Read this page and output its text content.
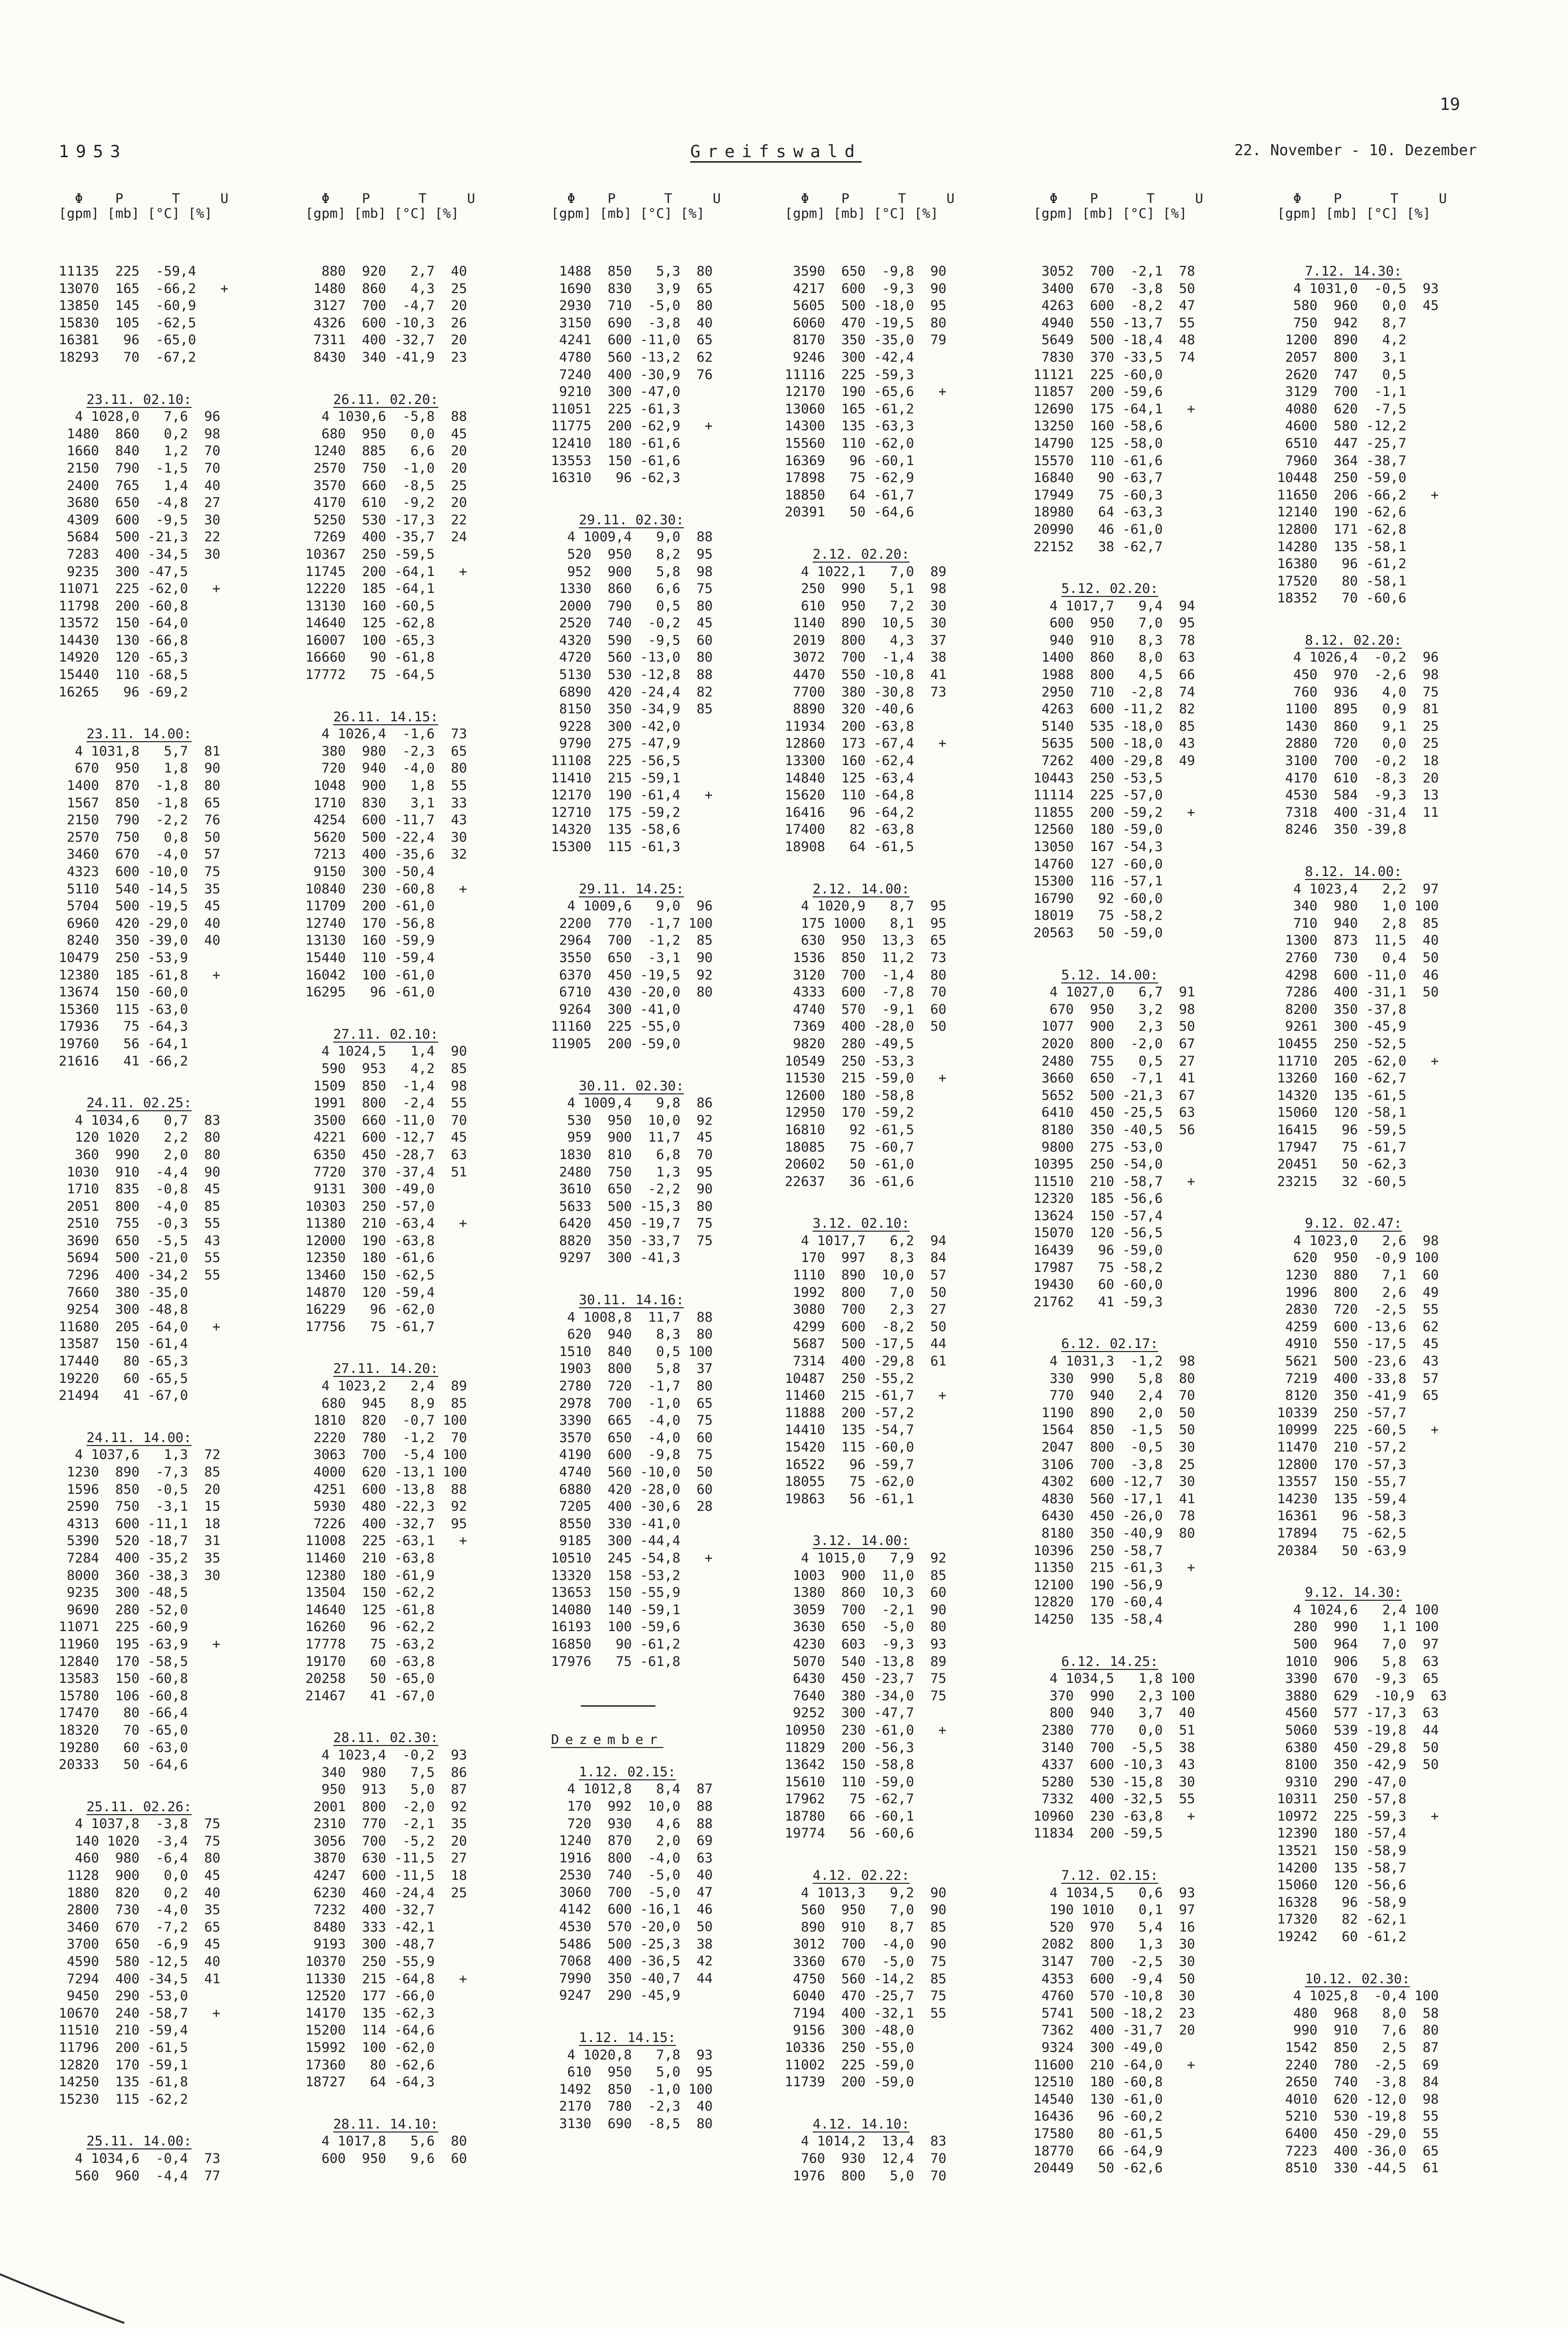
19
1953	Greifswald	22. November - 10. Dezember
Φ    P      T     U
[gpm] [mb] [°C] [%]
11135  225  -59,4
13070  165  -66,2   +
13850  145  -60,9
15830  105  -62,5
16381   96  -65,0
18293   70  -67,2
23.11. 02.10:
4 1028,0   7,6  96
1480  860   0,2  98
1660  840   1,2  70
2150  790  -1,5  70
2400  765   1,4  40
3680  650  -4,8  27
4309  600  -9,5  30
5684  500 -21,3  22
7283  400 -34,5  30
9235  300 -47,5
11071  225 -62,0   +
11798  200 -60,8
13572  150 -64,0
14430  130 -66,8
14920  120 -65,3
15440  110 -68,5
16265   96 -69,2
23.11. 14.00:
4 1031,8   5,7  81
670  950   1,8  90
1400  870  -1,8  80
1567  850  -1,8  65
2150  790  -2,2  76
2570  750   0,8  50
3460  670  -4,0  57
4323  600 -10,0  75
5110  540 -14,5  35
5704  500 -19,5  45
6960  420 -29,0  40
8240  350 -39,0  40
10479  250 -53,9
12380  185 -61,8   +
13674  150 -60,0
15360  115 -63,0
17936   75 -64,3
19760   56 -64,1
21616   41 -66,2
24.11. 02.25:
4 1034,6   0,7  83
120 1020   2,2  80
360  990   2,0  80
1030  910  -4,4  90
1710  835  -0,8  45
2051  800  -4,0  85
2510  755  -0,3  55
3690  650  -5,5  43
5694  500 -21,0  55
7296  400 -34,2  55
7660  380 -35,0
9254  300 -48,8
11680  205 -64,0   +
13587  150 -61,4
17440   80 -65,3
19220   60 -65,5
21494   41 -67,0
24.11. 14.00:
4 1037,6   1,3  72
1230  890  -7,3  85
1596  850  -0,5  20
2590  750  -3,1  15
4313  600 -11,1  18
5390  520 -18,7  31
7284  400 -35,2  35
8000  360 -38,3  30
9235  300 -48,5
9690  280 -52,0
11071  225 -60,9
11960  195 -63,9   +
12840  170 -58,5
13583  150 -60,8
15780  106 -60,8
17470   80 -66,4
18320   70 -65,0
19280   60 -63,0
20333   50 -64,6
25.11. 02.26:
4 1037,8  -3,8  75
140 1020  -3,4  75
460  980  -6,4  80
1128  900   0,0  45
1880  820   0,2  40
2800  730  -4,0  35
3460  670  -7,2  65
3700  650  -6,9  45
4590  580 -12,5  40
7294  400 -34,5  41
9450  290 -53,0
10670  240 -58,7   +
11510  210 -59,4
11796  200 -61,5
12820  170 -59,1
14250  135 -61,8
15230  115 -62,2
25.11. 14.00:
4 1034,6  -0,4  73
560  960  -4,4  77
Φ    P      T     U
[gpm] [mb] [°C] [%]
880  920   2,7  40
1480  860   4,3  25
3127  700  -4,7  20
4326  600 -10,3  26
7311  400 -32,7  20
8430  340 -41,9  23
26.11. 02.20:
4 1030,6  -5,8  88
680  950   0,0  45
1240  885   6,6  20
2570  750  -1,0  20
3570  660  -8,5  25
4170  610  -9,2  20
5250  530 -17,3  22
7269  400 -35,7  24
10367  250 -59,5
11745  200 -64,1   +
12220  185 -64,1
13130  160 -60,5
14640  125 -62,8
16007  100 -65,3
16660   90 -61,8
17772   75 -64,5
26.11. 14.15:
4 1026,4  -1,6  73
380  980  -2,3  65
720  940  -4,0  80
1048  900   1,8  55
1710  830   3,1  33
4254  600 -11,7  43
5620  500 -22,4  30
7213  400 -35,6  32
9150  300 -50,4
10840  230 -60,8   +
11709  200 -61,0
12740  170 -56,8
13130  160 -59,9
15440  110 -59,4
16042  100 -61,0
16295   96 -61,0
27.11. 02.10:
4 1024,5   1,4  90
590  953   4,2  85
1509  850  -1,4  98
1991  800  -2,4  55
3500  660 -11,0  70
4221  600 -12,7  45
6350  450 -28,7  63
7720  370 -37,4  51
9131  300 -49,0
10303  250 -57,0
11380  210 -63,4   +
12000  190 -63,8
12350  180 -61,6
13460  150 -62,5
14870  120 -59,4
16229   96 -62,0
17756   75 -61,7
27.11. 14.20:
4 1023,2   2,4  89
680  945   8,9  85
1810  820  -0,7 100
2220  780  -1,2  70
3063  700  -5,4 100
4000  620 -13,1 100
4251  600 -13,8  88
5930  480 -22,3  92
7226  400 -32,7  95
11008  225 -63,1   +
11460  210 -63,8
12380  180 -61,9
13504  150 -62,2
14640  125 -61,8
16260   96 -62,2
17778   75 -63,2
19170   60 -63,8
20258   50 -65,0
21467   41 -67,0
28.11. 02.30:
4 1023,4  -0,2  93
340  980   7,5  86
950  913   5,0  87
2001  800  -2,0  92
2310  770  -2,1  35
3056  700  -5,2  20
3870  630 -11,5  27
4247  600 -11,5  18
6230  460 -24,4  25
7232  400 -32,7
8480  333 -42,1
9193  300 -48,7
10370  250 -55,9
11330  215 -64,8   +
12520  177 -66,0
14170  135 -62,3
15200  114 -64,6
15992  100 -62,0
17360   80 -62,6
18727   64 -64,3
28.11. 14.10:
4 1017,8   5,6  80
600  950   9,6  60
Φ    P      T     U
[gpm] [mb] [°C] [%]
1488  850   5,3  80
1690  830   3,9  65
2930  710  -5,0  80
3150  690  -3,8  40
4241  600 -11,0  65
4780  560 -13,2  62
7240  400 -30,9  76
9210  300 -47,0
11051  225 -61,3
11775  200 -62,9   +
12410  180 -61,6
13553  150 -61,6
16310   96 -62,3
29.11. 02.30:
4 1009,4   9,0  88
520  950   8,2  95
952  900   5,8  98
1330  860   6,6  75
2000  790   0,5  80
2520  740  -0,2  45
4320  590  -9,5  60
4720  560 -13,0  80
5130  530 -12,8  88
6890  420 -24,4  82
8150  350 -34,9  85
9228  300 -42,0
9790  275 -47,9
11108  225 -56,5
11410  215 -59,1
12170  190 -61,4   +
12710  175 -59,2
14320  135 -58,6
15300  115 -61,3
29.11. 14.25:
4 1009,6   9,0  96
2200  770  -1,7 100
2964  700  -1,2  85
3550  650  -3,1  90
6370  450 -19,5  92
6710  430 -20,0  80
9264  300 -41,0
11160  225 -55,0
11905  200 -59,0
30.11. 02.30:
4 1009,4   9,8  86
530  950  10,0  92
959  900  11,7  45
1830  810   6,8  70
2480  750   1,3  95
3610  650  -2,2  90
5633  500 -15,3  80
6420  450 -19,7  75
8820  350 -33,7  75
9297  300 -41,3
30.11. 14.16:
4 1008,8  11,7  88
620  940   8,3  80
1510  840   0,5 100
1903  800   5,8  37
2780  720  -1,7  80
2978  700  -1,0  65
3390  665  -4,0  75
3570  650  -4,0  60
4190  600  -9,8  75
4740  560 -10,0  50
6880  420 -28,0  60
7205  400 -30,6  28
8550  330 -41,0
9185  300 -44,4
10510  245 -54,8   +
13320  158 -53,2
13653  150 -55,9
14080  140 -59,1
16193  100 -59,6
16850   90 -61,2
17976   75 -61,8
Dezember
1.12. 02.15:
4 1012,8   8,4  87
170  992  10,0  88
720  930   4,6  88
1240  870   2,0  69
1916  800  -4,0  63
2530  740  -5,0  40
3060  700  -5,0  47
4142  600 -16,1  46
4530  570 -20,0  50
5486  500 -25,3  38
7068  400 -36,5  42
7990  350 -40,7  44
9247  290 -45,9
1.12. 14.15:
4 1020,8   7,8  93
610  950   5,0  95
1492  850  -1,0 100
2170  780  -2,3  40
3130  690  -8,5  80
Φ    P      T     U
[gpm] [mb] [°C] [%]
3590  650  -9,8  90
4217  600  -9,3  90
5605  500 -18,0  95
6060  470 -19,5  80
8170  350 -35,0  79
9246  300 -42,4
11116  225 -59,3
12170  190 -65,6   +
13060  165 -61,2
14300  135 -63,3
15560  110 -62,0
16369   96 -60,1
17898   75 -62,9
18850   64 -61,7
20391   50 -64,6
2.12. 02.20:
4 1022,1   7,0  89
250  990   5,1  98
610  950   7,2  30
1140  890  10,5  30
2019  800   4,3  37
3072  700  -1,4  38
4470  550 -10,8  41
7700  380 -30,8  73
8890  320 -40,6
11934  200 -63,8
12860  173 -67,4   +
13300  160 -62,4
14840  125 -63,4
15620  110 -64,8
16416   96 -64,2
17400   82 -63,8
18908   64 -61,5
2.12. 14.00:
4 1020,9   8,7  95
175 1000   8,1  95
630  950  13,3  65
1536  850  11,2  73
3120  700  -1,4  80
4333  600  -7,8  70
4740  570  -9,1  60
7369  400 -28,0  50
9820  280 -49,5
10549  250 -53,3
11530  215 -59,0   +
12600  180 -58,8
12950  170 -59,2
16810   92 -61,5
18085   75 -60,7
20602   50 -61,0
22637   36 -61,6
3.12. 02.10:
4 1017,7   6,2  94
170  997   8,3  84
1110  890  10,0  57
1992  800   7,0  50
3080  700   2,3  27
4299  600  -8,2  50
5687  500 -17,5  44
7314  400 -29,8  61
10487  250 -55,2
11460  215 -61,7   +
11888  200 -57,2
14410  135 -54,7
15420  115 -60,0
16522   96 -59,7
18055   75 -62,0
19863   56 -61,1
3.12. 14.00:
4 1015,0   7,9  92
1003  900  11,0  85
1380  860  10,3  60
3059  700  -2,1  90
3630  650  -5,0  80
4230  603  -9,3  93
5070  540 -13,8  89
6430  450 -23,7  75
7640  380 -34,0  75
9252  300 -47,7
10950  230 -61,0   +
11829  200 -56,3
13642  150 -58,8
15610  110 -59,0
17962   75 -62,7
18780   66 -60,1
19774   56 -60,6
4.12. 02.22:
4 1013,3   9,2  90
560  950   7,0  90
890  910   8,7  85
3012  700  -4,0  90
3360  670  -5,0  75
4750  560 -14,2  85
6040  470 -25,7  75
7194  400 -32,1  55
9156  300 -48,0
10336  250 -55,0
11002  225 -59,0
11739  200 -59,0
4.12. 14.10:
4 1014,2  13,4  83
760  930  12,4  70
1976  800   5,0  70
Φ    P      T     U
[gpm] [mb] [°C] [%]
3052  700  -2,1  78
3400  670  -3,8  50
4263  600  -8,2  47
4940  550 -13,7  55
5649  500 -18,4  48
7830  370 -33,5  74
11121  225 -60,0
11857  200 -59,6
12690  175 -64,1   +
13250  160 -58,6
14790  125 -58,0
15570  110 -61,6
16840   90 -63,7
17949   75 -60,3
18980   64 -63,3
20990   46 -61,0
22152   38 -62,7
5.12. 02.20:
4 1017,7   9,4  94
600  950   7,0  95
940  910   8,3  78
1400  860   8,0  63
1988  800   4,5  66
2950  710  -2,8  74
4263  600 -11,2  82
5140  535 -18,0  85
5635  500 -18,0  43
7262  400 -29,8  49
10443  250 -53,5
11114  225 -57,0
11855  200 -59,2   +
12560  180 -59,0
13050  167 -54,3
14760  127 -60,0
15300  116 -57,1
16790   92 -60,0
18019   75 -58,2
20563   50 -59,0
5.12. 14.00:
4 1027,0   6,7  91
670  950   3,2  98
1077  900   2,3  50
2020  800  -2,0  67
2480  755   0,5  27
3660  650  -7,1  41
5652  500 -21,3  67
6410  450 -25,5  63
8180  350 -40,5  56
9800  275 -53,0
10395  250 -54,0
11510  210 -58,7   +
12320  185 -56,6
13624  150 -57,4
15070  120 -56,5
16439   96 -59,0
17987   75 -58,2
19430   60 -60,0
21762   41 -59,3
6.12. 02.17:
4 1031,3  -1,2  98
330  990   5,8  80
770  940   2,4  70
1190  890   2,0  50
1564  850  -1,5  50
2047  800  -0,5  30
3106  700  -3,8  25
4302  600 -12,7  30
4830  560 -17,1  41
6430  450 -26,0  78
8180  350 -40,9  80
10396  250 -58,7
11350  215 -61,3   +
12100  190 -56,9
12820  170 -60,4
14250  135 -58,4
6.12. 14.25:
4 1034,5   1,8 100
370  990   2,3 100
800  940   3,7  40
2380  770   0,0  51
3140  700  -5,5  38
4337  600 -10,3  43
5280  530 -15,8  30
7332  400 -32,5  55
10960  230 -63,8   +
11834  200 -59,5
7.12. 02.15:
4 1034,5   0,6  93
190 1010   0,1  97
520  970   5,4  16
2082  800   1,3  30
3147  700  -2,5  30
4353  600  -9,4  50
4760  570 -10,8  30
5741  500 -18,2  23
7362  400 -31,7  20
9324  300 -49,0
11600  210 -64,0   +
12510  180 -60,8
14540  130 -61,0
16436   96 -60,2
17580   80 -61,5
18770   66 -64,9
20449   50 -62,6
Φ    P      T     U
[gpm] [mb] [°C] [%]
7.12. 14.30:
4 1031,0  -0,5  93
580  960   0,0  45
750  942   8,7
1200  890   4,2
2057  800   3,1
2620  747   0,5
3129  700  -1,1
4080  620  -7,5
4600  580 -12,2
6510  447 -25,7
7960  364 -38,7
10448  250 -59,0
11650  206 -66,2   +
12140  190 -62,6
12800  171 -62,8
14280  135 -58,1
16380   96 -61,2
17520   80 -58,1
18352   70 -60,6
8.12. 02.20:
4 1026,4  -0,2  96
450  970  -2,6  98
760  936   4,0  75
1100  895   0,9  81
1430  860   9,1  25
2880  720   0,0  25
3100  700  -0,2  18
4170  610  -8,3  20
4530  584  -9,3  13
7318  400 -31,4  11
8246  350 -39,8
8.12. 14.00:
4 1023,4   2,2  97
340  980   1,0 100
710  940   2,8  85
1300  873  11,5  40
2760  730   0,4  50
4298  600 -11,0  46
7286  400 -31,1  50
8200  350 -37,8
9261  300 -45,9
10455  250 -52,5
11710  205 -62,0   +
13260  160 -62,7
14320  135 -61,5
15060  120 -58,1
16415   96 -59,5
17947   75 -61,7
20451   50 -62,3
23215   32 -60,5
9.12. 02.47:
4 1023,0   2,6  98
620  950  -0,9 100
1230  880   7,1  60
1996  800   2,6  49
2830  720  -2,5  55
4259  600 -13,6  62
4910  550 -17,5  45
5621  500 -23,6  43
7219  400 -33,8  57
8120  350 -41,9  65
10339  250 -57,7
10999  225 -60,5   +
11470  210 -57,2
12800  170 -57,3
13557  150 -55,7
14230  135 -59,4
16361   96 -58,3
17894   75 -62,5
20384   50 -63,9
9.12. 14.30:
4 1024,6   2,4 100
280  990   1,1 100
500  964   7,0  97
1010  906   5,8  63
3390  670  -9,3  65
3880  629  -10,9  63
4560  577 -17,3  63
5060  539 -19,8  44
6380  450 -29,8  50
8100  350 -42,9  50
9310  290 -47,0
10311  250 -57,8
10972  225 -59,3   +
12390  180 -57,4
13521  150 -58,9
14200  135 -58,7
15060  120 -56,6
16328   96 -58,9
17320   82 -62,1
19242   60 -61,2
10.12. 02.30:
4 1025,8  -0,4 100
480  968   8,0  58
990  910   7,6  80
1542  850   2,5  87
2240  780  -2,5  69
2650  740  -3,8  84
4010  620 -12,0  98
5210  530 -19,8  55
6400  450 -29,0  55
7223  400 -36,0  65
8510  330 -44,5  61
